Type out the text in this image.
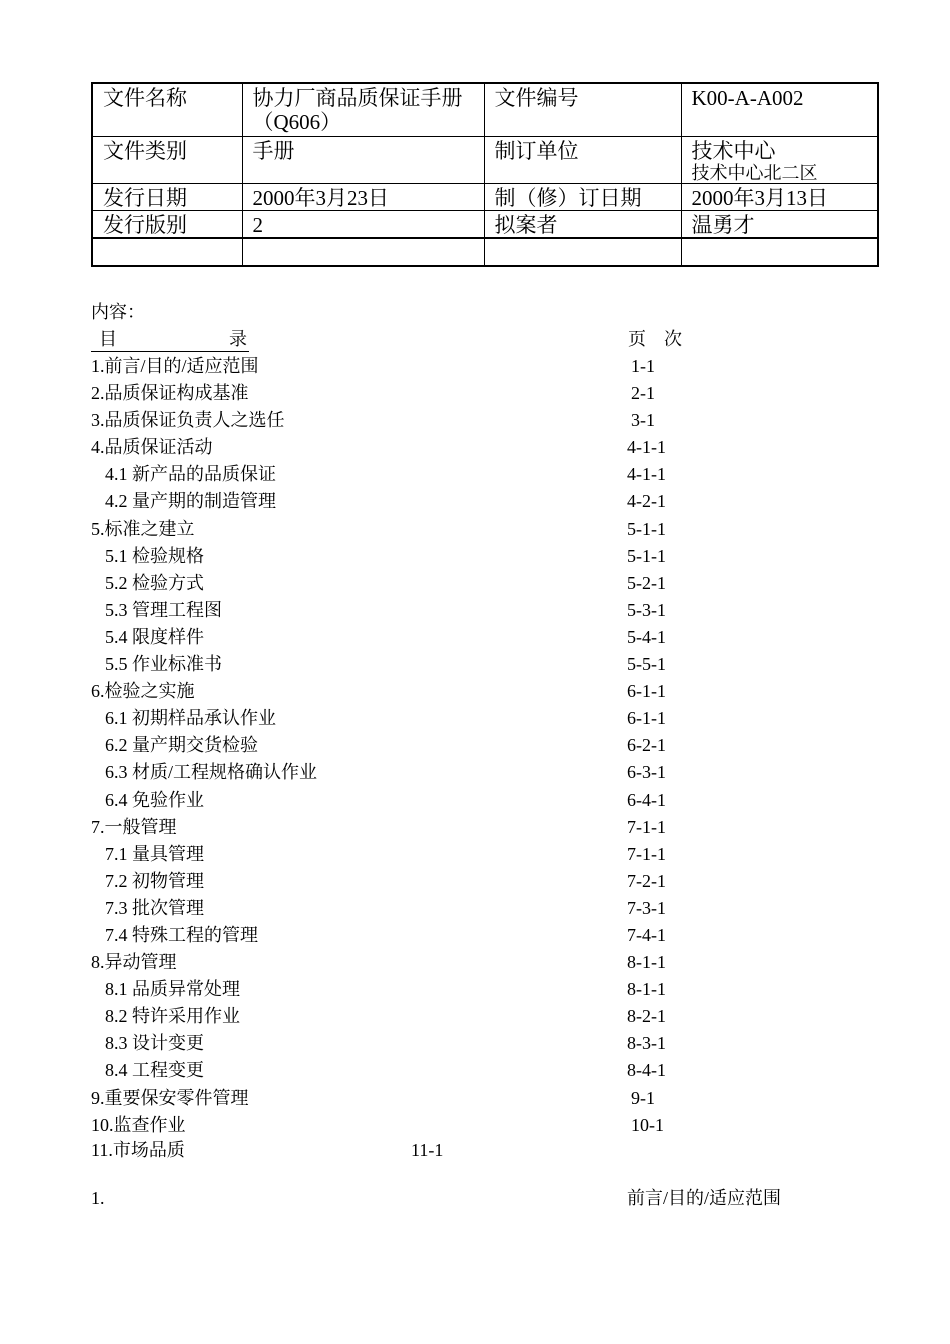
文件名称	协力厂商品质保证手册（Q606）	文件编号	K00-A-A002
文件类别	手册	制订单位	技术中心
技术中心北二区

发行日期	2000年3月23日	制（修）订日期	2000年3月13日
发行版别	2	拟案者	温勇才

内容：
目	录
	页　次
1.前言/目的/适应范围	1-1
2.品质保证构成基准	2-1
3.品质保证负责人之选任	3-1
4.品质保证活动	4-1-1
4.1 新产品的品质保证	4-1-1
4.2 量产期的制造管理	4-2-1
5.标准之建立	5-1-1
5.1 检验规格	5-1-1
5.2 检验方式	5-2-1
5.3 管理工程图	5-3-1
5.4 限度样件	5-4-1
5.5 作业标准书	5-5-1
6.检验之实施	6-1-1
6.1 初期样品承认作业	6-1-1
6.2 量产期交货检验	6-2-1
6.3 材质/工程规格确认作业	6-3-1
6.4 免验作业	6-4-1
7.一般管理	7-1-1
7.1 量具管理	7-1-1
7.2 初物管理	7-2-1
7.3 批次管理	7-3-1
7.4 特殊工程的管理	7-4-1
8.异动管理	8-1-1
8.1 品质异常处理	8-1-1
8.2 特许采用作业	8-2-1
8.3 设计变更	8-3-1
8.4 工程变更	8-4-1
9.重要保安零件管理	9-1
10.监查作业	10-1
11.市场品质	11-1
1.	前言/目的/适应范围
